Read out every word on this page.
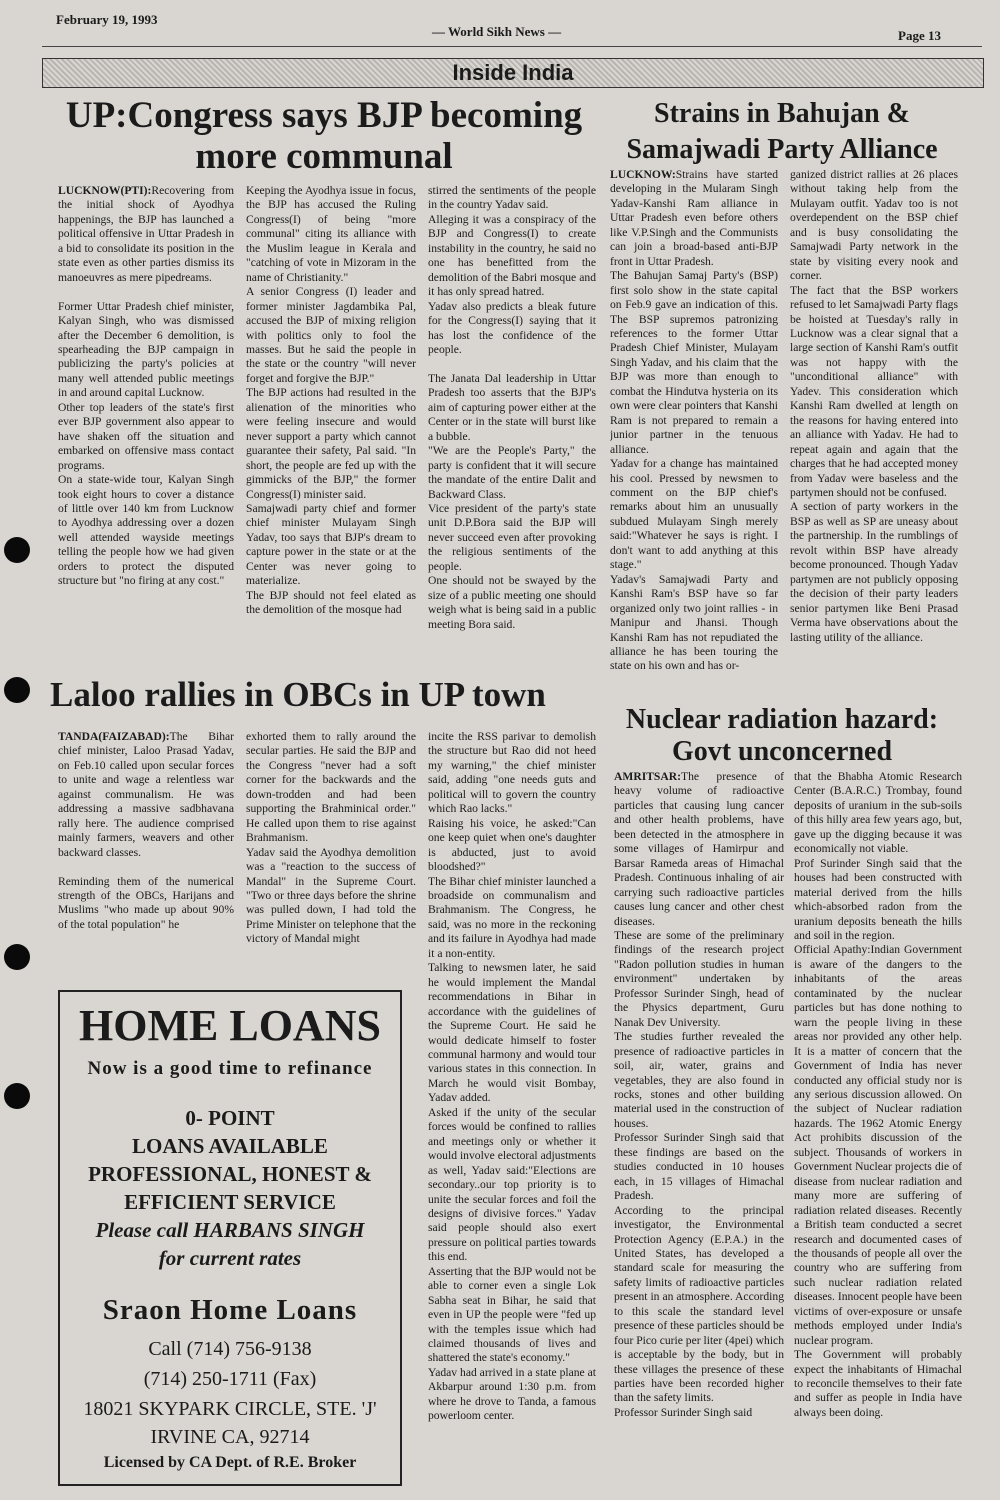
February 19, 1993
— World Sikh News —	Page 13
Inside India
UP:Congress says BJP becoming
more communal
LUCKNOW(PTI):Recovering from the initial shock of Ayodhya happenings, the BJP has launched a political offensive in Uttar Pradesh in a bid to consolidate its position in the state even as other parties dismiss its manoeuvres as mere pipedreams.

Former Uttar Pradesh chief minister, Kalyan Singh, who was dismissed after the December 6 demolition, is spearheading the BJP campaign in publicizing the party's policies at many well attended public meetings in and around capital Lucknow.
Other top leaders of the state's first ever BJP government also appear to have shaken off the situation and embarked on offensive mass contact programs.
On a state-wide tour, Kalyan Singh took eight hours to cover a distance of little over 140 km from Lucknow to Ayodhya addressing over a dozen well attended wayside meetings telling the people how we had given orders to protect the disputed structure but "no firing at any cost."
Keeping the Ayodhya issue in focus, the BJP has accused the Ruling Congress(I) of being "more communal" citing its alliance with the Muslim league in Kerala and "catching of vote in Mizoram in the name of Christianity."
A senior Congress (I) leader and former minister Jagdambika Pal, accused the BJP of mixing religion with politics only to fool the masses. But he said the people in the state or the country "will never forget and forgive the BJP."
The BJP actions had resulted in the alienation of the minorities who were feeling insecure and would never support a party which cannot guarantee their safety, Pal said. "In short, the people are fed up with the gimmicks of the BJP," the former Congress(I) minister said.
Samajwadi party chief and former chief minister Mulayam Singh Yadav, too says that BJP's dream to capture power in the state or at the Center was never going to materialize.
The BJP should not feel elated as the demolition of the mosque had
stirred the sentiments of the people in the country Yadav said.
Alleging it was a conspiracy of the BJP and Congress(I) to create instability in the country, he said no one has benefitted from the demolition of the Babri mosque and it has only spread hatred.
Yadav also predicts a bleak future for the Congress(I) saying that it has lost the confidence of the people.

The Janata Dal leadership in Uttar Pradesh too asserts that the BJP's aim of capturing power either at the Center or in the state will burst like a bubble.
"We are the People's Party," the party is confident that it will secure the mandate of the entire Dalit and Backward Class.
Vice president of the party's state unit D.P.Bora said the BJP will never succeed even after provoking the religious sentiments of the people.
One should not be swayed by the size of a public meeting one should weigh what is being said in a public meeting Bora said.
Strains in Bahujan &
Samajwadi Party Alliance
LUCKNOW:Strains have started developing in the Mularam Singh Yadav-Kanshi Ram alliance in Uttar Pradesh even before others like V.P.Singh and the Communists can join a broad-based anti-BJP front in Uttar Pradesh.
The Bahujan Samaj Party's (BSP) first solo show in the state capital on Feb.9 gave an indication of this. The BSP supremos patronizing references to the former Uttar Pradesh Chief Minister, Mulayam Singh Yadav, and his claim that the BJP was more than enough to combat the Hindutva hysteria on its own were clear pointers that Kanshi Ram is not prepared to remain a junior partner in the tenuous alliance.
Yadav for a change has maintained his cool. Pressed by newsmen to comment on the BJP chief's remarks about him an unusually subdued Mulayam Singh merely said:"Whatever he says is right. I don't want to add anything at this stage."
Yadav's Samajwadi Party and Kanshi Ram's BSP have so far organized only two joint rallies - in Manipur and Jhansi. Though Kanshi Ram has not repudiated the alliance he has been touring the state on his own and has or-
ganized district rallies at 26 places without taking help from the Mulayam outfit. Yadav too is not overdependent on the BSP chief and is busy consolidating the Samajwadi Party network in the state by visiting every nook and corner.
The fact that the BSP workers refused to let Samajwadi Party flags be hoisted at Tuesday's rally in Lucknow was a clear signal that a large section of Kanshi Ram's outfit was not happy with the "unconditional alliance" with Yadev. This consideration which Kanshi Ram dwelled at length on the reasons for having entered into an alliance with Yadav. He had to repeat again and again that the charges that he had accepted money from Yadav were baseless and the partymen should not be confused.
A section of party workers in the BSP as well as SP are uneasy about the partnership. In the rumblings of revolt within BSP have already become pronounced. Though Yadav partymen are not publicly opposing the decision of their party leaders senior partymen like Beni Prasad Verma have observations about the lasting utility of the alliance.
Laloo rallies in OBCs in UP town
TANDA(FAIZABAD):The Bihar chief minister, Laloo Prasad Yadav, on Feb.10 called upon secular forces to unite and wage a relentless war against communalism. He was addressing a massive sadbhavana rally here. The audience comprised mainly farmers, weavers and other backward classes.

Reminding them of the numerical strength of the OBCs, Harijans and Muslims "who made up about 90% of the total population" he
exhorted them to rally around the secular parties. He said the BJP and the Congress "never had a soft corner for the backwards and the down-trodden and had been supporting the Brahminical order." He called upon them to rise against Brahmanism.
Yadav said the Ayodhya demolition was a "reaction to the success of Mandal" in the Supreme Court. "Two or three days before the shrine was pulled down, I had told the Prime Minister on telephone that the victory of Mandal might
incite the RSS parivar to demolish the structure but Rao did not heed my warning," the chief minister said, adding "one needs guts and political will to govern the country which Rao lacks."
Raising his voice, he asked:"Can one keep quiet when one's daughter is abducted, just to avoid bloodshed?"
The Bihar chief minister launched a broadside on communalism and Brahmanism. The Congress, he said, was no more in the reckoning and its failure in Ayodhya had made it a non-entity.
Talking to newsmen later, he said he would implement the Mandal recommendations in Bihar in accordance with the guidelines of the Supreme Court. He said he would dedicate himself to foster communal harmony and would tour various states in this connection. In March he would visit Bombay, Yadav added.
Asked if the unity of the secular forces would be confined to rallies and meetings only or whether it would involve electoral adjustments as well, Yadav said:"Elections are secondary..our top priority is to unite the secular forces and foil the designs of divisive forces." Yadav said people should also exert pressure on political parties towards this end.
Asserting that the BJP would not be able to corner even a single Lok Sabha seat in Bihar, he said that even in UP the people were "fed up with the temples issue which had claimed thousands of lives and shattered the state's economy."
Yadav had arrived in a state plane at Akbarpur around 1:30 p.m. from where he drove to Tanda, a famous powerloom center.
Nuclear radiation hazard:
Govt unconcerned
AMRITSAR:The presence of heavy volume of radioactive particles that causing lung cancer and other health problems, have been detected in the atmosphere in some villages of Hamirpur and Barsar Rameda areas of Himachal Pradesh. Continuous inhaling of air carrying such radioactive particles causes lung cancer and other chest diseases.
These are some of the preliminary findings of the research project "Radon pollution studies in human environment" undertaken by Professor Surinder Singh, head of the Physics department, Guru Nanak Dev University.
The studies further revealed the presence of radioactive particles in soil, air, water, grains and vegetables, they are also found in rocks, stones and other building material used in the construction of houses.
Professor Surinder Singh said that these findings are based on the studies conducted in 10 houses each, in 15 villages of Himachal Pradesh.
According to the principal investigator, the Environmental Protection Agency (E.P.A.) in the United States, has developed a standard scale for measuring the safety limits of radioactive particles present in an atmosphere. According to this scale the standard level presence of these particles should be four Pico curie per liter (4pei) which is acceptable by the body, but in these villages the presence of these parties have been recorded higher than the safety limits.
Professor Surinder Singh said
that the Bhabha Atomic Research Center (B.A.R.C.) Trombay, found deposits of uranium in the sub-soils of this hilly area few years ago, but, gave up the digging because it was economically not viable.
Prof Surinder Singh said that the houses had been constructed with material derived from the hills which-absorbed radon from the uranium deposits beneath the hills and soil in the region.
Official Apathy:Indian Government is aware of the dangers to the inhabitants of the areas contaminated by the nuclear particles but has done nothing to warn the people living in these areas nor provided any other help. It is a matter of concern that the Government of India has never conducted any official study nor is any serious discussion allowed. On the subject of Nuclear radiation hazards. The 1962 Atomic Energy Act prohibits discussion of the subject. Thousands of workers in Government Nuclear projects die of disease from nuclear radiation and many more are suffering of radiation related diseases. Recently a British team conducted a secret research and documented cases of the thousands of people all over the country who are suffering from such nuclear radiation related diseases. Innocent people have been victims of over-exposure or unsafe methods employed under India's nuclear program.
The Government will probably expect the inhabitants of Himachal to reconcile themselves to their fate and suffer as people in India have always been doing.
HOME LOANS
Now is a good time to refinance
0- POINT
LOANS AVAILABLE
PROFESSIONAL, HONEST &
EFFICIENT SERVICE
Please call HARBANS SINGH
for current rates
Sraon Home Loans
Call (714) 756-9138
(714) 250-1711 (Fax)
18021 SKYPARK CIRCLE, STE. 'J'
IRVINE CA, 92714
Licensed by CA Dept. of R.E. Broker
